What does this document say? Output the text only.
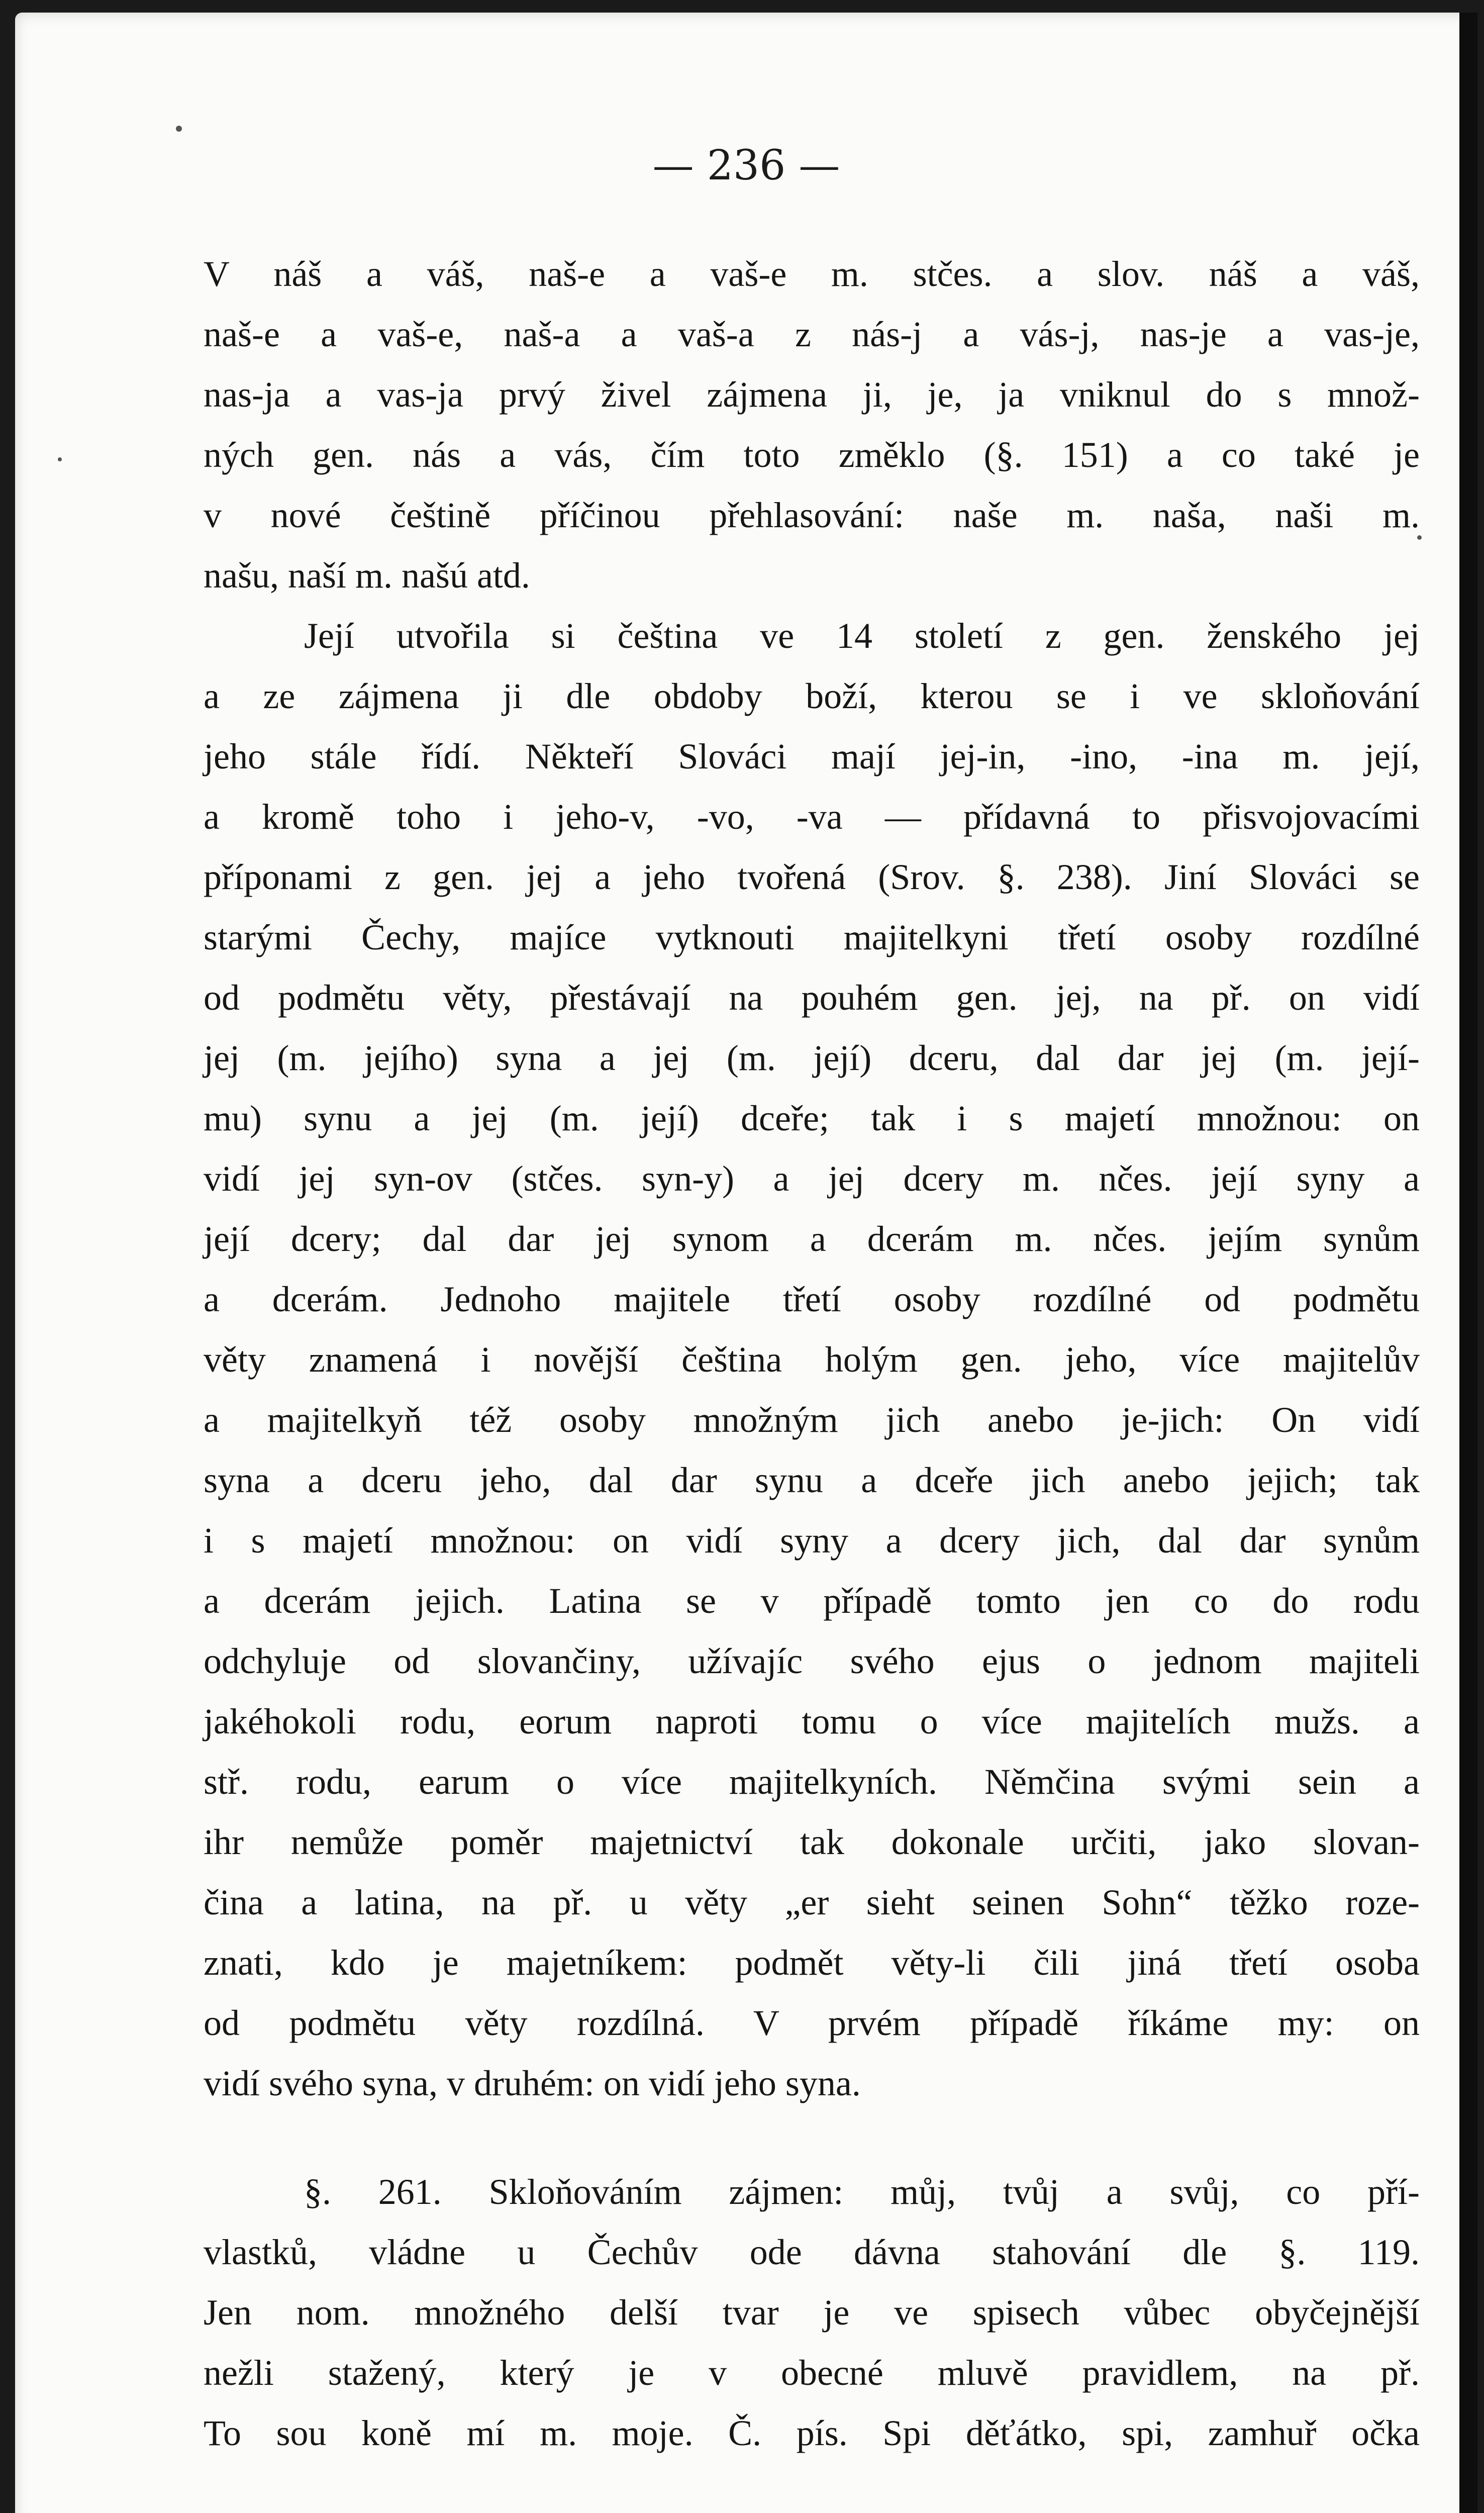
— 236 —
V náš a váš, naš-e a vaš-e m. stčes. a slov. náš a váš,
naš-e a vaš-e, naš-a a vaš-a z nás-j a vás-j, nas-je a vas-je,
nas-ja a vas-ja prvý živel zájmena ji, je, ja vniknul do s množ-
ných gen. nás a vás, čím toto změklo (§. 151) a co také je
v nové češtině příčinou přehlasování: naše m. naša, naši m.
našu, naší m. našú atd.
Její utvořila si čeština ve 14 století z gen. ženského jej
a ze zájmena ji dle obdoby boží, kterou se i ve skloňování
jeho stále řídí. Někteří Slováci mají jej-in, -ino, -ina m. její,
a kromě toho i jeho-v, -vo, -va — přídavná to přisvojovacími
příponami z gen. jej a jeho tvořená (Srov. §. 238). Jiní Slováci se
starými Čechy, majíce vytknouti majitelkyni třetí osoby rozdílné
od podmětu věty, přestávají na pouhém gen. jej, na př. on vidí
jej (m. jejího) syna a jej (m. její) dceru, dal dar jej (m. její-
mu) synu a jej (m. její) dceře; tak i s majetí množnou: on
vidí jej syn-ov (stčes. syn-y) a jej dcery m. nčes. její syny a
její dcery; dal dar jej synom a dcerám m. nčes. jejím synům
a dcerám. Jednoho majitele třetí osoby rozdílné od podmětu
věty znamená i novější čeština holým gen. jeho, více majitelův
a majitelkyň též osoby množným jich anebo je-jich: On vidí
syna a dceru jeho, dal dar synu a dceře jich anebo jejich; tak
i s majetí množnou: on vidí syny a dcery jich, dal dar synům
a dcerám jejich. Latina se v případě tomto jen co do rodu
odchyluje od slovančiny, užívajíc svého ejus o jednom majiteli
jakéhokoli rodu, eorum naproti tomu o více majitelích mužs. a
stř. rodu, earum o více majitelkyních. Němčina svými sein a
ihr nemůže poměr majetnictví tak dokonale určiti, jako slovan-
čina a latina, na př. u věty „er sieht seinen Sohn“ těžko roze-
znati, kdo je majetníkem: podmět věty-li čili jiná třetí osoba
od podmětu věty rozdílná. V prvém případě říkáme my: on
vidí svého syna, v druhém: on vidí jeho syna.
§. 261. Skloňováním zájmen: můj, tvůj a svůj, co pří-
vlastků, vládne u Čechův ode dávna stahování dle §. 119.
Jen nom. množného delší tvar je ve spisech vůbec obyčejnější
nežli stažený, který je v obecné mluvě pravidlem, na př.
To sou koně mí m. moje. Č. pís. Spi děťátko, spi, zamhuř očka
